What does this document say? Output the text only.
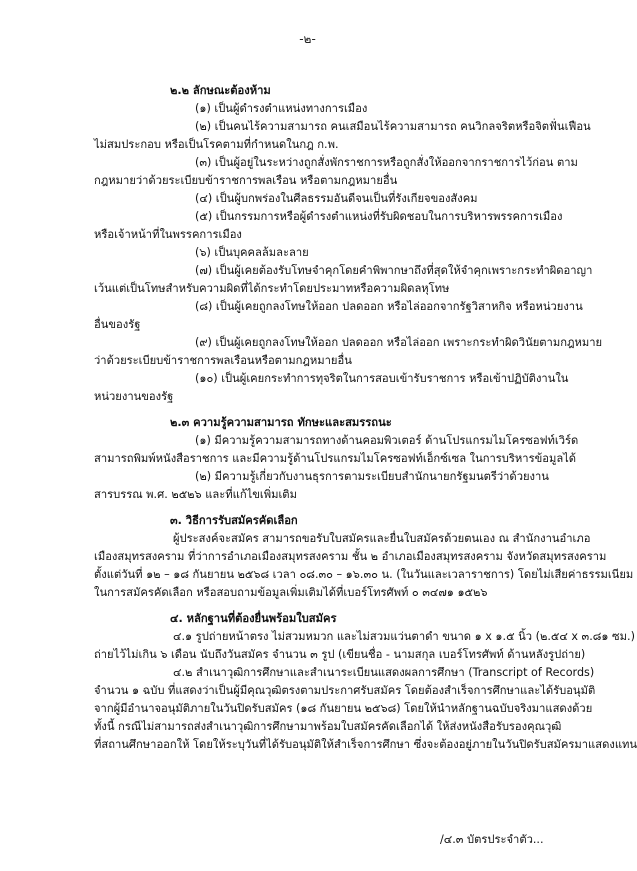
-๒-
๒.๒ ลักษณะต้องห้าม
(๑) เป็นผู้ดำรงตำแหน่งทางการเมือง
(๒) เป็นคนไร้ความสามารถ คนเสมือนไร้ความสามารถ คนวิกลจริตหรือจิตฟั่นเฟือน
ไม่สมประกอบ หรือเป็นโรคตามที่กำหนดในกฎ ก.พ.
(๓) เป็นผู้อยู่ในระหว่างถูกสั่งพักราชการหรือถูกสั่งให้ออกจากราชการไว้ก่อน ตาม
กฎหมายว่าด้วยระเบียบข้าราชการพลเรือน หรือตามกฎหมายอื่น
(๔) เป็นผู้บกพร่องในศีลธรรมอันดีจนเป็นที่รังเกียจของสังคม
(๕) เป็นกรรมการหรือผู้ดำรงตำแหน่งที่รับผิดชอบในการบริหารพรรคการเมือง
หรือเจ้าหน้าที่ในพรรคการเมือง
(๖) เป็นบุคคลล้มละลาย
(๗) เป็นผู้เคยต้องรับโทษจำคุกโดยคำพิพากษาถึงที่สุดให้จำคุกเพราะกระทำผิดอาญา
เว้นแต่เป็นโทษสำหรับความผิดที่ได้กระทำโดยประมาทหรือความผิดลหุโทษ
(๘) เป็นผู้เคยถูกลงโทษให้ออก ปลดออก หรือไล่ออกจากรัฐวิสาหกิจ หรือหน่วยงาน
อื่นของรัฐ
(๙) เป็นผู้เคยถูกลงโทษให้ออก ปลดออก หรือไล่ออก เพราะกระทำผิดวินัยตามกฎหมาย
ว่าด้วยระเบียบข้าราชการพลเรือนหรือตามกฎหมายอื่น
(๑๐) เป็นผู้เคยกระทำการทุจริตในการสอบเข้ารับราชการ หรือเข้าปฏิบัติงานใน
หน่วยงานของรัฐ
๒.๓ ความรู้ความสามารถ ทักษะและสมรรถนะ
(๑) มีความรู้ความสามารถทางด้านคอมพิวเตอร์ ด้านโปรแกรมไมโครซอฟท์เวิร์ด
สามารถพิมพ์หนังสือราชการ และมีความรู้ด้านโปรแกรมไมโครซอฟท์เอ็กซ์เซล ในการบริหารข้อมูลได้
(๒) มีความรู้เกี่ยวกับงานธุรการตามระเบียบสำนักนายกรัฐมนตรีว่าด้วยงาน
สารบรรณ พ.ศ. ๒๕๒๖ และที่แก้ไขเพิ่มเติม
๓. วิธีการรับสมัครคัดเลือก
ผู้ประสงค์จะสมัคร สามารถขอรับใบสมัครและยื่นใบสมัครด้วยตนเอง ณ สำนักงานอำเภอ
เมืองสมุทรสงคราม ที่ว่าการอำเภอเมืองสมุทรสงคราม ชั้น ๒ อำเภอเมืองสมุทรสงคราม จังหวัดสมุทรสงคราม
ตั้งแต่วันที่ ๑๒ – ๑๘ กันยายน ๒๕๖๘ เวลา ๐๘.๓๐ – ๑๖.๓๐ น. (ในวันและเวลาราชการ) โดยไม่เสียค่าธรรมเนียม
ในการสมัครคัดเลือก หรือสอบถามข้อมูลเพิ่มเติมได้ที่เบอร์โทรศัพท์ ๐ ๓๔๗๑ ๑๕๒๖
๔. หลักฐานที่ต้องยื่นพร้อมใบสมัคร
๔.๑ รูปถ่ายหน้าตรง ไม่สวมหมวก และไม่สวมแว่นตาดำ ขนาด ๑ x ๑.๕ นิ้ว (๒.๕๔ x ๓.๘๑ ซม.)
ถ่ายไว้ไม่เกิน ๖ เดือน นับถึงวันสมัคร จำนวน ๓ รูป (เขียนชื่อ - นามสกุล เบอร์โทรศัพท์ ด้านหลังรูปถ่าย)
๔.๒ สำเนาวุฒิการศึกษาและสำเนาระเบียนแสดงผลการศึกษา (Transcript of Records)
จำนวน ๑ ฉบับ ที่แสดงว่าเป็นผู้มีคุณวุฒิตรงตามประกาศรับสมัคร โดยต้องสำเร็จการศึกษาและได้รับอนุมัติ
จากผู้มีอำนาจอนุมัติภายในวันปิดรับสมัคร (๑๘ กันยายน ๒๕๖๘) โดยให้นำหลักฐานฉบับจริงมาแสดงด้วย
ทั้งนี้ กรณีไม่สามารถส่งสำเนาวุฒิการศึกษามาพร้อมใบสมัครคัดเลือกได้ ให้ส่งหนังสือรับรองคุณวุฒิ
ที่สถานศึกษาออกให้ โดยให้ระบุวันที่ได้รับอนุมัติให้สำเร็จการศึกษา ซึ่งจะต้องอยู่ภายในวันปิดรับสมัครมาแสดงแทน
/๔.๓ บัตรประจำตัว...
